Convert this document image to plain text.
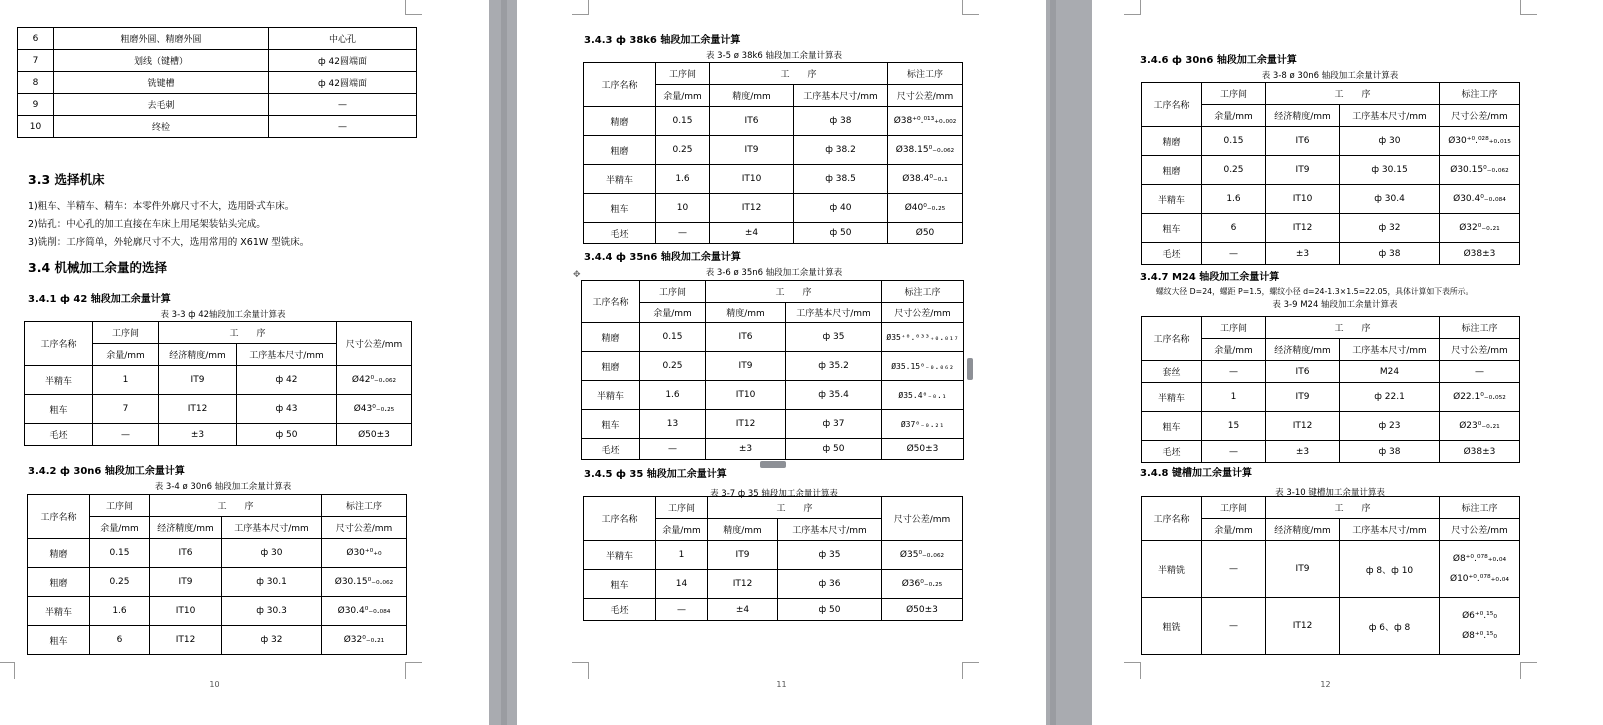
6	粗磨外圆、精磨外圆	中心孔
7	划线（键槽）	ф 42圆端面
8	铣键槽	ф 42圆端面
9	去毛刺	—
10	终检	—
3.3 选择机床

1)粗车、半精车、精车：本零件外廓尺寸不大，选用卧式车床。

2)钻孔：中心孔的加工直接在车床上用尾架装钻头完成。

3)铣削：工序简单，外轮廓尺寸不大，选用常用的 X61W 型铣床。

3.4 机械加工余量的选择
3.4.1 ф 42 轴段加工余量计算
表 3-3 ф 42轴段加工余量计算表
工序名称	工序间	工　　序		尺寸公差/mm
	余量/mm	经济精度/mm	工序基本尺寸/mm	
半精车	1	IT9	ф 42	Ø42⁰₋₀.₀₆₂
粗车	7	IT12	ф 43	Ø43⁰₋₀.₂₅
毛坯	—	±3	ф 50	Ø50±3
3.4.2 ф 30n6 轴段加工余量计算
表 3-4 ø 30n6 轴段加工余量计算表
工序名称	工序间	工　　序		标注工序
	余量/mm	经济精度/mm	工序基本尺寸/mm	尺寸公差/mm
精磨	0.15	IT6	ф 30	Ø30⁺⁰₊₀
粗磨	0.25	IT9	ф 30.1	Ø30.15⁰₋₀.₀₆₂
半精车	1.6	IT10	ф 30.3	Ø30.4⁰₋₀.₀₈₄
粗车	6	IT12	ф 32	Ø32⁰₋₀.₂₁
10
3.4.3 ф 38k6 轴段加工余量计算
表 3-5 ø 38k6 轴段加工余量计算表
工序名称	工序间	工　　序		标注工序
	余量/mm	精度/mm	工序基本尺寸/mm	尺寸公差/mm
精磨	0.15	IT6	ф 38	Ø38⁺⁰.⁰¹³₊₀.₀₀₂
粗磨	0.25	IT9	ф 38.2	Ø38.15⁰₋₀.₀₆₂
半精车	1.6	IT10	ф 38.5	Ø38.4⁰₋₀.₁
粗车	10	IT12	ф 40	Ø40⁰₋₀.₂₅
毛坯	—	±4	ф 50	Ø50
3.4.4 ф 35n6 轴段加工余量计算
表 3-6 ø 35n6 轴段加工余量计算表
✥
工序名称	工序间	工　　序		标注工序
	余量/mm	精度/mm	工序基本尺寸/mm	尺寸公差/mm
精磨	0.15	IT6	ф 35	Ø35⁺⁰.⁰³³₊₀.₀₁₇
粗磨	0.25	IT9	ф 35.2	Ø35.15⁰₋₀.₀₆₂
半精车	1.6	IT10	ф 35.4	Ø35.4⁰₋₀.₁
粗车	13	IT12	ф 37	Ø37⁰₋₀.₂₁
毛坯	—	±3	ф 50	Ø50±3
3.4.5 ф 35 轴段加工余量计算
表 3-7 ф 35 轴段加工余量计算表
工序名称	工序间	工　　序		尺寸公差/mm
	余量/mm	精度/mm	工序基本尺寸/mm	
半精车	1	IT9	ф 35	Ø35⁰₋₀.₀₆₂
粗车	14	IT12	ф 36	Ø36⁰₋₀.₂₅
毛坯	—	±4	ф 50	Ø50±3
11
3.4.6 ф 30n6 轴段加工余量计算
表 3-8 ø 30n6 轴段加工余量计算表
工序名称	工序间	工　　序		标注工序
	余量/mm	经济精度/mm	工序基本尺寸/mm	尺寸公差/mm
精磨	0.15	IT6	ф 30	Ø30⁺⁰.⁰²⁸₊₀.₀₁₅
粗磨	0.25	IT9	ф 30.15	Ø30.15⁰₋₀.₀₆₂
半精车	1.6	IT10	ф 30.4	Ø30.4⁰₋₀.₀₈₄
粗车	6	IT12	ф 32	Ø32⁰₋₀.₂₁
毛坯	—	±3	ф 38	Ø38±3
3.4.7 M24 轴段加工余量计算

螺纹大径 D=24，螺距 P=1.5，螺纹小径 d=24-1.3×1.5=22.05，具体计算如下表所示。

表 3-9 M24 轴段加工余量计算表
工序名称	工序间	工　　序		标注工序
	余量/mm	经济精度/mm	工序基本尺寸/mm	尺寸公差/mm
套丝	—	IT6	M24	—
半精车	1	IT9	ф 22.1	Ø22.1⁰₋₀.₀₅₂
粗车	15	IT12	ф 23	Ø23⁰₋₀.₂₁
毛坯	—	±3	ф 38	Ø38±3
3.4.8 键槽加工余量计算
表 3-10 键槽加工余量计算表
工序名称	工序间	工　　序		标注工序
	余量/mm	经济精度/mm	工序基本尺寸/mm	尺寸公差/mm
半精铣	—	IT9	ф 8、ф 10	Ø8⁺⁰.⁰⁷⁸₊₀.₀₄
Ø10⁺⁰.⁰⁷⁸₊₀.₀₄

粗铣	—	IT12	ф 6、ф 8	Ø6⁺⁰.¹⁵₀
Ø8⁺⁰.¹⁵₀
12
